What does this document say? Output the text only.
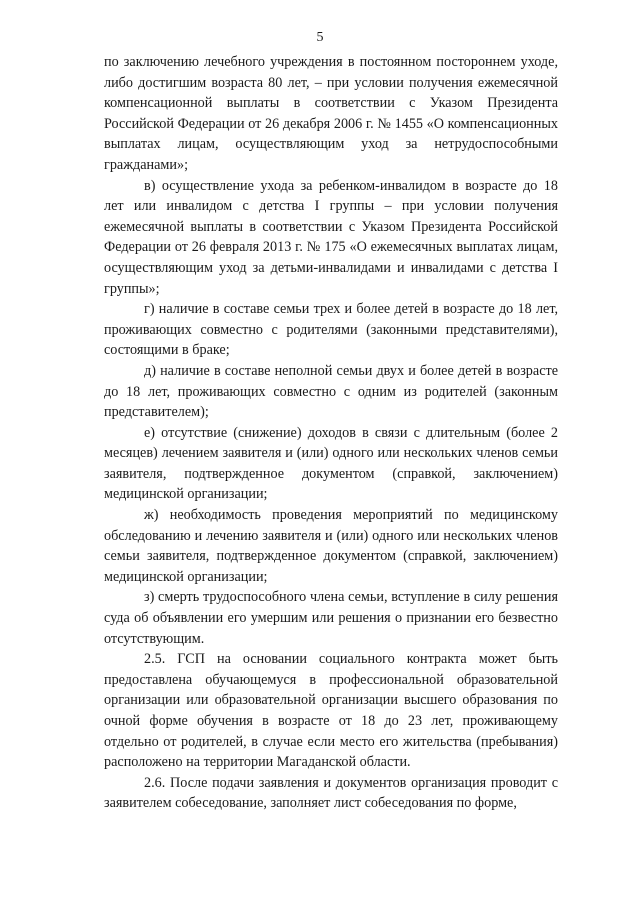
5

по заключению лечебного учреждения в постоянном постороннем уходе, либо достигшим возраста 80 лет, – при условии получения ежемесячной компенсационной выплаты в соответствии с Указом Президента Российской Федерации от 26 декабря 2006 г. № 1455 «О компенсационных выплатах лицам, осуществляющим уход за нетрудоспособными гражданами»;

в) осуществление ухода за ребенком-инвалидом в возрасте до 18 лет или инвалидом с детства I группы – при условии получения ежемесячной выплаты в соответствии с Указом Президента Российской Федерации от 26 февраля 2013 г. № 175 «О ежемесячных выплатах лицам, осуществляющим уход за детьми-инвалидами и инвалидами с детства I группы»;

г) наличие в составе семьи трех и более детей в возрасте до 18 лет, проживающих совместно с родителями (законными представителями), состоящими в браке;

д) наличие в составе неполной семьи двух и более детей в возрасте до 18 лет, проживающих совместно с одним из родителей (законным представителем);

е) отсутствие (снижение) доходов в связи с длительным (более 2 месяцев) лечением заявителя и (или) одного или нескольких членов семьи заявителя, подтвержденное документом (справкой, заключением) медицинской организации;

ж) необходимость проведения мероприятий по медицинскому обследованию и лечению заявителя и (или) одного или нескольких членов семьи заявителя, подтвержденное документом (справкой, заключением) медицинской организации;

з) смерть трудоспособного члена семьи, вступление в силу решения суда об объявлении его умершим или решения о признании его безвестно отсутствующим.

2.5. ГСП на основании социального контракта может быть предоставлена обучающемуся в профессиональной образовательной организации или образовательной организации высшего образования по очной форме обучения в возрасте от 18 до 23 лет, проживающему отдельно от родителей, в случае если место его жительства (пребывания) расположено на территории Магаданской области.

2.6. После подачи заявления и документов организация проводит с заявителем собеседование, заполняет лист собеседования по форме,
